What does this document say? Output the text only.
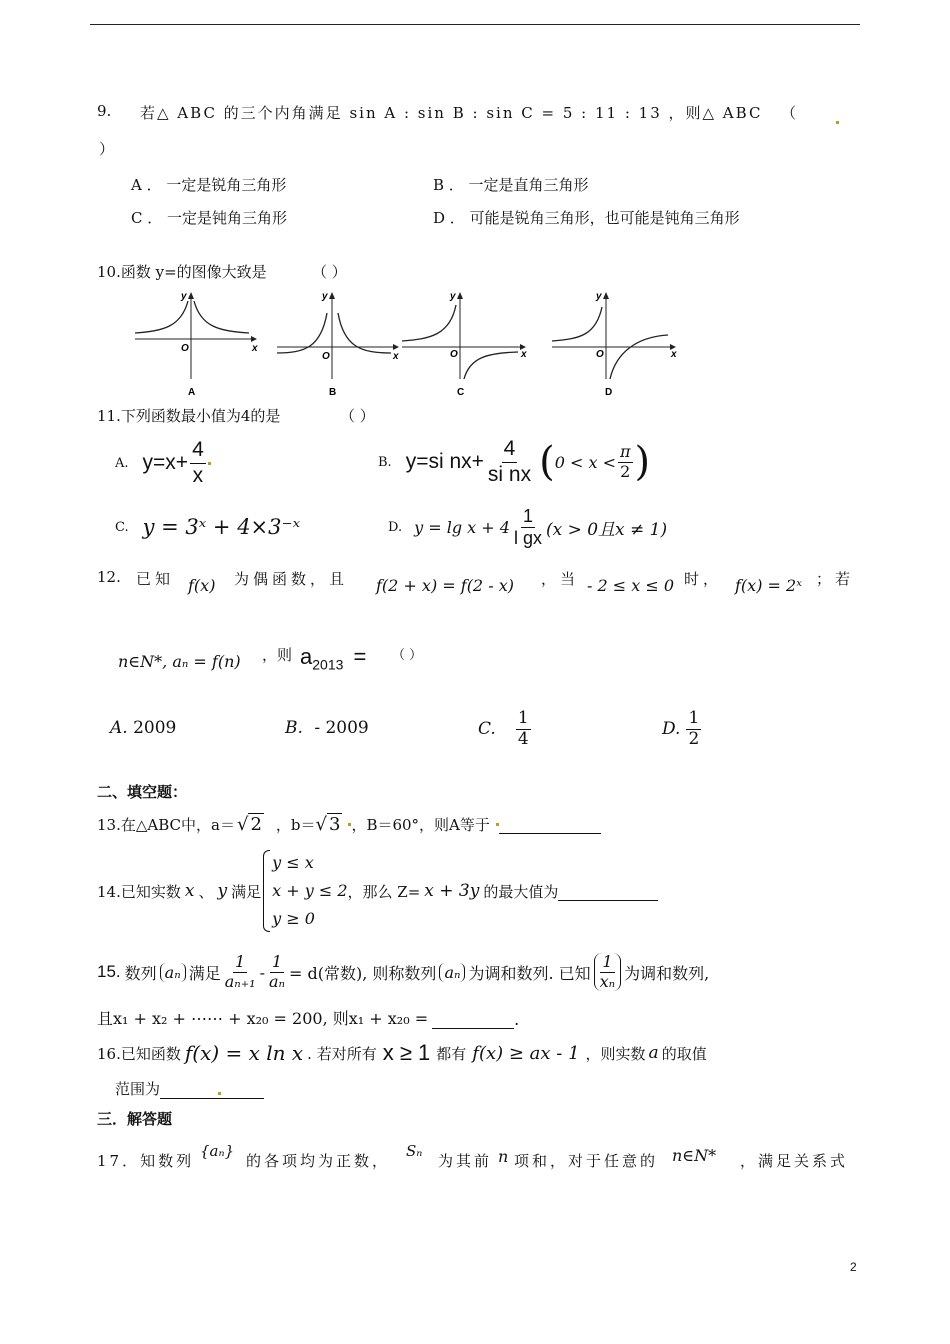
9. 若△ ABC 的三个内角满足 sin A : sin B : sin C = 5 : 11 : 13 ，则△ ABC （
）
A ． 一定是锐角三角形	B ． 一定是直角三角形
C ． 一定是钝角三角形	D ． 可能是锐角三角形，也可能是钝角三角形
10.函数 y=的图像大致是	（ ）
y
x
O
A
y
x
O
B
y
x
O
C
y
x
O
D
11.下列函数最小值为4的是	（ ）
A. $y=x+ \frac{4}{x}$	B. y=si $nx+ \frac{4}{\text{si nx}}$ ( $0 < x < \frac{\pi}{2}$ )
C. y = 3ˣ + 4×3⁻ˣ	D. $y = \lg x + 4 \frac{1}{\text{l gx}} (x > 0$且x ≠ 1)
12. 已知 f(x) 为偶函数，且 f(2 + x) = f(2 - x) ，当 - 2 ≤ x ≤ 0 时， f(x) = 2ˣ ；若
n∈N*, aₙ = f(n) ，则 $a_{2013}$ = （ ）
A. 2009	B. - 2009	C. $\frac{1}{4}$	D. $\frac{1}{2}$
二、填空题：
13.在△ABC中，a＝ √ 2 ，b＝ √ 3 ，B＝60°，则A等于
14.已知实数 x 、 y 满足
y ≤ x
x + y ≤ 2
y ≥ 0
，那么 Z= x + 3y 的最大值为
15. 数列 aₙ 满足 $\frac{1}{\text{aₙ₊₁}} - \frac{1}{\text{aₙ}} = d$(常数), 则称数列 aₙ 为调和数列. 已知 $\frac{1}{\text{xₙ}}$ 为调和数列,
且x₁ + x₂ + ⋯⋯ + x₂₀ = 200, 则x₁ + x₂₀ =	.
16.已知函数 f(x) = x ln x . 若对所有 x ≥ 1 都有 f(x) ≥ ax - 1 ，则实数 a 的取值
范围为
三．解答题
17．知数列
{aₙ}
的各项均为正数，
Sₙ
为其前 n 项和，对于任意的 n∈N* ，满足关系式
2
